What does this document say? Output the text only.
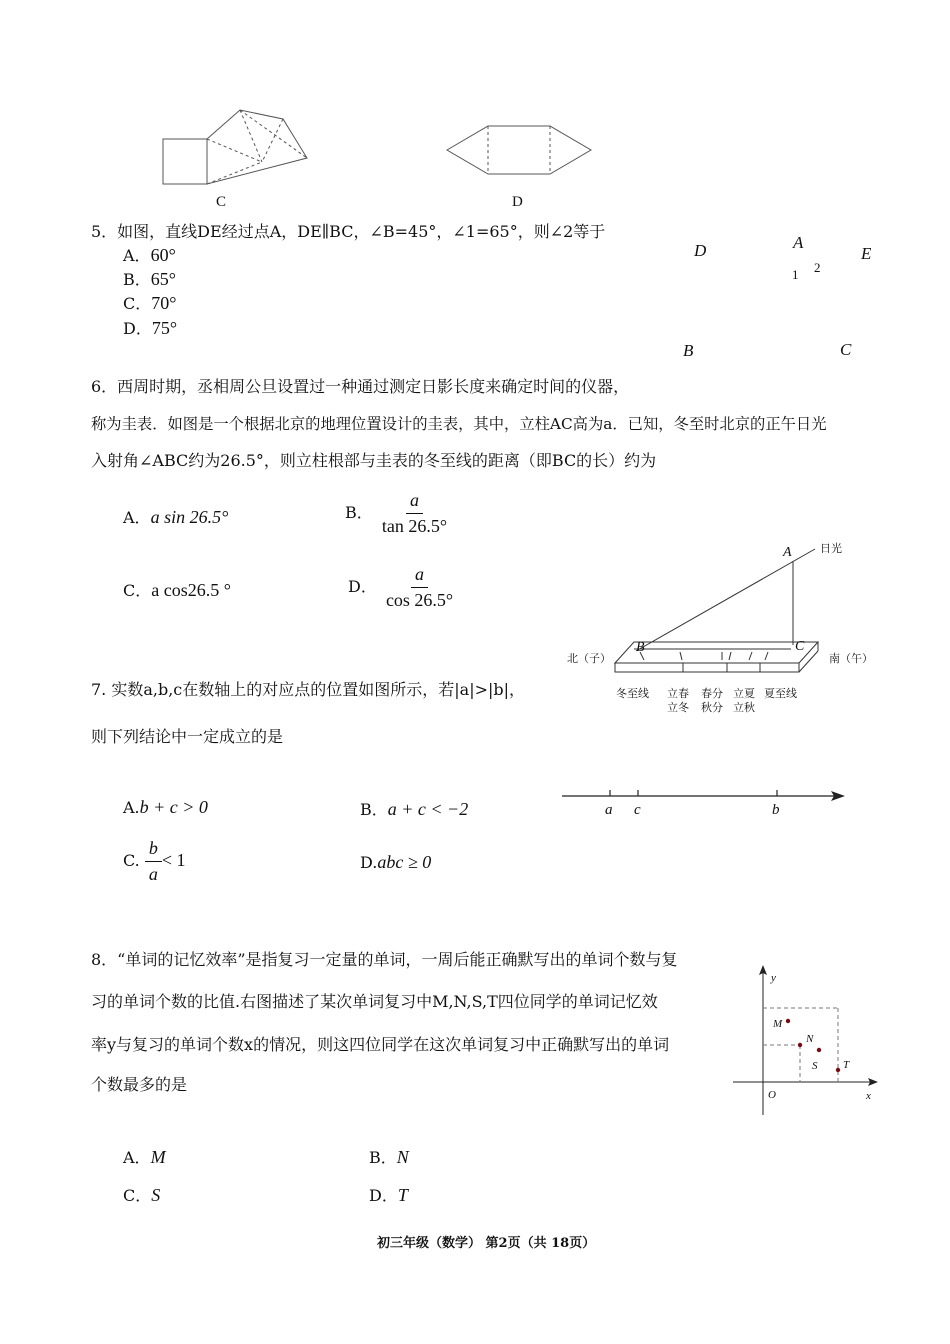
C	D
5．如图，直线DE经过点A，DE∥BC，∠B=45°，∠1=65°，则∠2等于
A．60°
B．65°
C．70°
D．75°
D	A
E
1 2
B	C
6．西周时期，丞相周公旦设置过一种通过测定日影长度来确定时间的仪器，
称为圭表．如图是一个根据北京的地理位置设计的圭表，其中，立柱AC高为a．已知，冬至时北京的正午日光
入射角∠ABC约为26.5°，则立柱根部与圭表的冬至线的距离（即BC的长）约为
A．a sin 26.5°	B． $\frac{a}{\tan 26.5^\circ}$
C．a cos26.5 °	D． $\frac{a}{\cos 26.5^\circ}$
日光
A
B	C
北（子）	南（午）
冬至线 立春
立冬
春分
秋分
立夏
立秋
夏至线
7. 实数a,b,c在数轴上的对应点的位置如图所示，若|a|>|b|，
则下列结论中一定成立的是
A.b + c > 0	B．a + c < −2
C. $\frac{b}{a} < 1$	D.abc ≥ 0
a c	b
8．“单词的记忆效率”是指复习一定量的单词，一周后能正确默写出的单词个数与复
习的单词个数的比值.右图描述了某次单词复习中M,N,S,T四位同学的单词记忆效
率y与复习的单词个数x的情况，则这四位同学在这次单词复习中正确默写出的单词
个数最多的是
A．M	B．N
C．S	D．T
y
x
O
M
N
S T
初三年级（数学） 第2页（共 18页）
